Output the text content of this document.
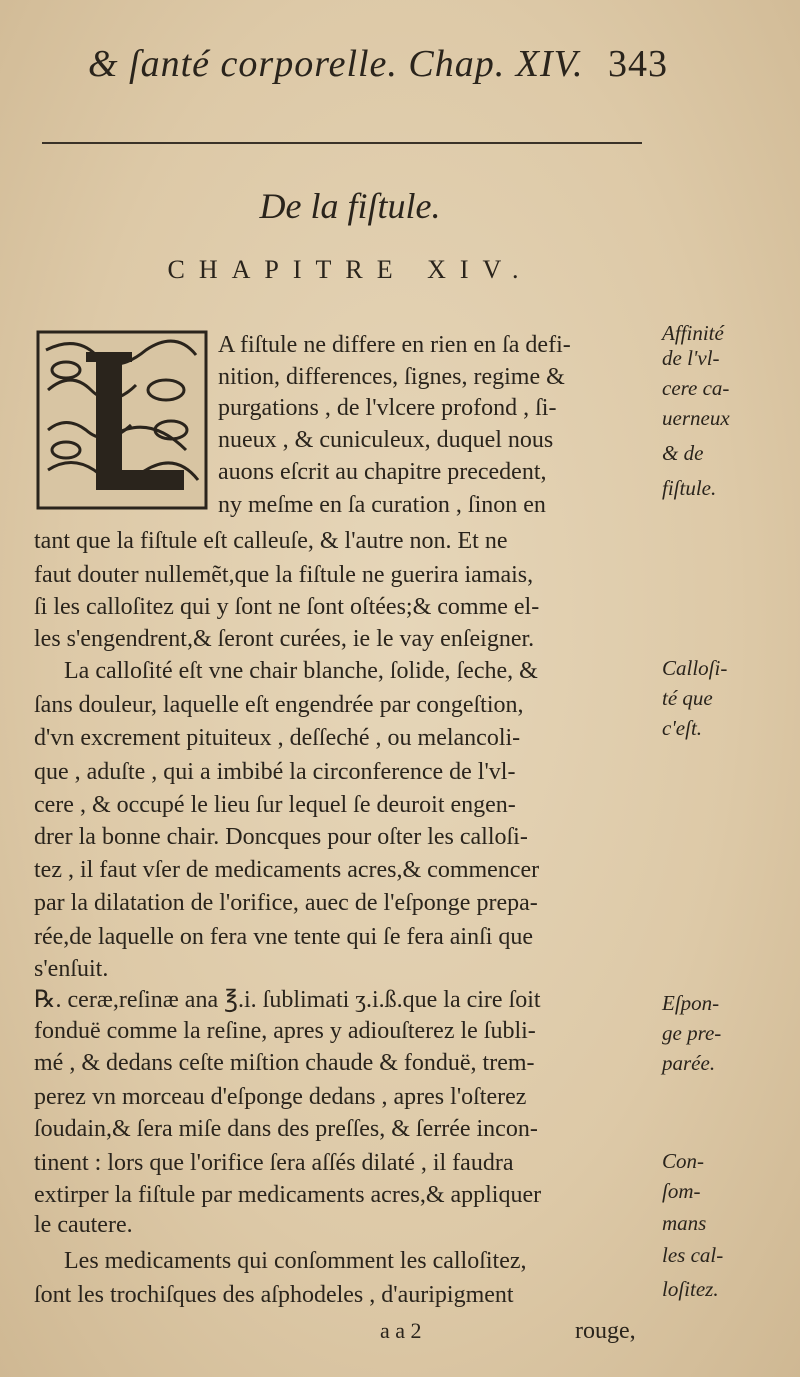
& ſanté corporelle. Chap. XIV. 343
De la fiſtule.
CHAPITRE XIV.
A fiſtule ne differe en rien en ſa defi-
nition, differences, ſignes, regime &
purgations , de l'vlcere profond , ſi-
nueux , & cuniculeux, duquel nous
auons eſcrit au chapitre precedent,
ny meſme en ſa curation , ſinon en
tant que la fiſtule eſt calleuſe, & l'autre non. Et ne
faut douter nullemẽt,que la fiſtule ne guerira iamais,
ſi les calloſitez qui y ſont ne ſont oſtées;& comme el-
les s'engendrent,& ſeront curées, ie le vay enſeigner.
La calloſité eſt vne chair blanche, ſolide, ſeche, &
ſans douleur, laquelle eſt engendrée par congeſtion,
d'vn excrement pituiteux , deſſeché , ou melancoli-
que , aduſte , qui a imbibé la circonference de l'vl-
cere , & occupé le lieu ſur lequel ſe deuroit engen-
drer la bonne chair. Doncques pour oſter les calloſi-
tez , il faut vſer de medicaments acres,& commencer
par la dilatation de l'orifice, auec de l'eſponge prepa-
rée,de laquelle on fera vne tente qui ſe fera ainſi que
s'enſuit.
℞. ceræ,reſinæ ana ℥.i. ſublimati ʒ.i.ß.que la cire ſoit
fonduë comme la reſine, apres y adiouſterez le ſubli-
mé , & dedans ceſte miſtion chaude & fonduë, trem-
perez vn morceau d'eſponge dedans , apres l'oſterez
ſoudain,& ſera miſe dans des preſſes, & ſerrée incon-
tinent : lors que l'orifice ſera aſſés dilaté , il faudra
extirper la fiſtule par medicaments acres,& appliquer
le cautere.
Les medicaments qui conſomment les calloſitez,
ſont les trochiſques des aſphodeles , d'auripigment
Affinité
de l'vl-
cere ca-
uerneux
& de
fiſtule.
Calloſi-
té que
c'eſt.
Eſpon-
ge pre-
parée.
Con-
ſom-
mans
les cal-
loſitez.
a a 2	rouge,
